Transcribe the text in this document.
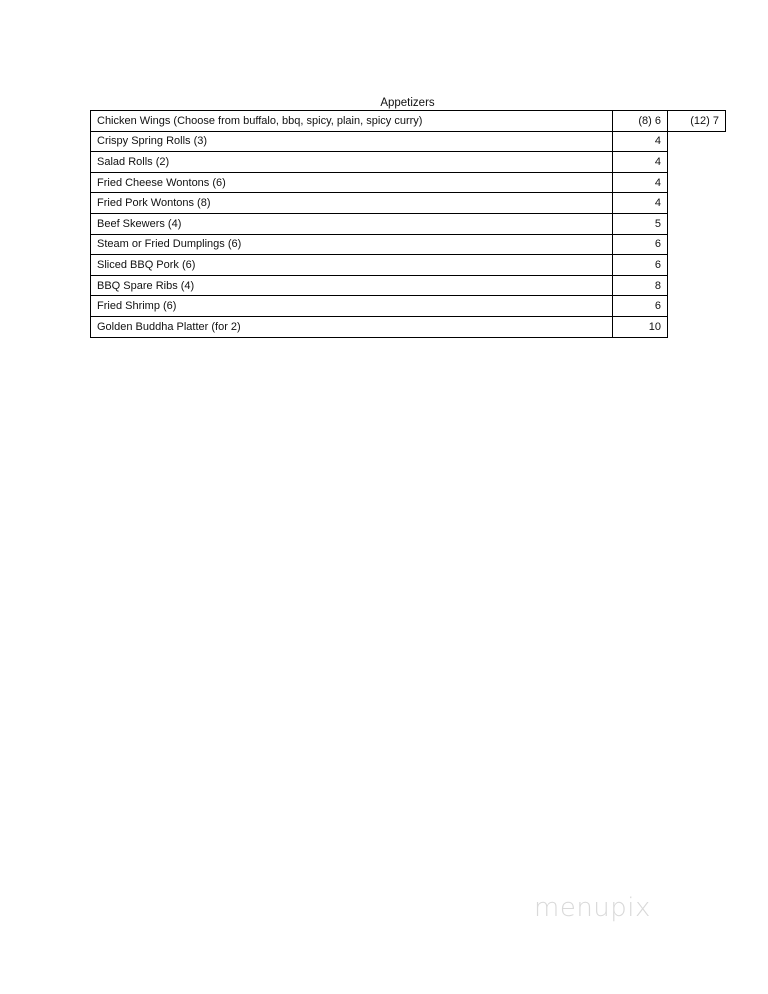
Appetizers
Chicken Wings (Choose from buffalo, bbq, spicy, plain, spicy curry)	(8) 6	(12) 7
Crispy Spring Rolls (3)	4	
Salad Rolls (2)	4	
Fried Cheese Wontons (6)	4	
Fried Pork Wontons (8)	4	
Beef Skewers (4)	5	
Steam or Fried Dumplings (6)	6	
Sliced BBQ Pork (6)	6	
BBQ Spare Ribs (4)	8	
Fried Shrimp (6)	6	
Golden Buddha Platter (for 2)	10	
menupix
